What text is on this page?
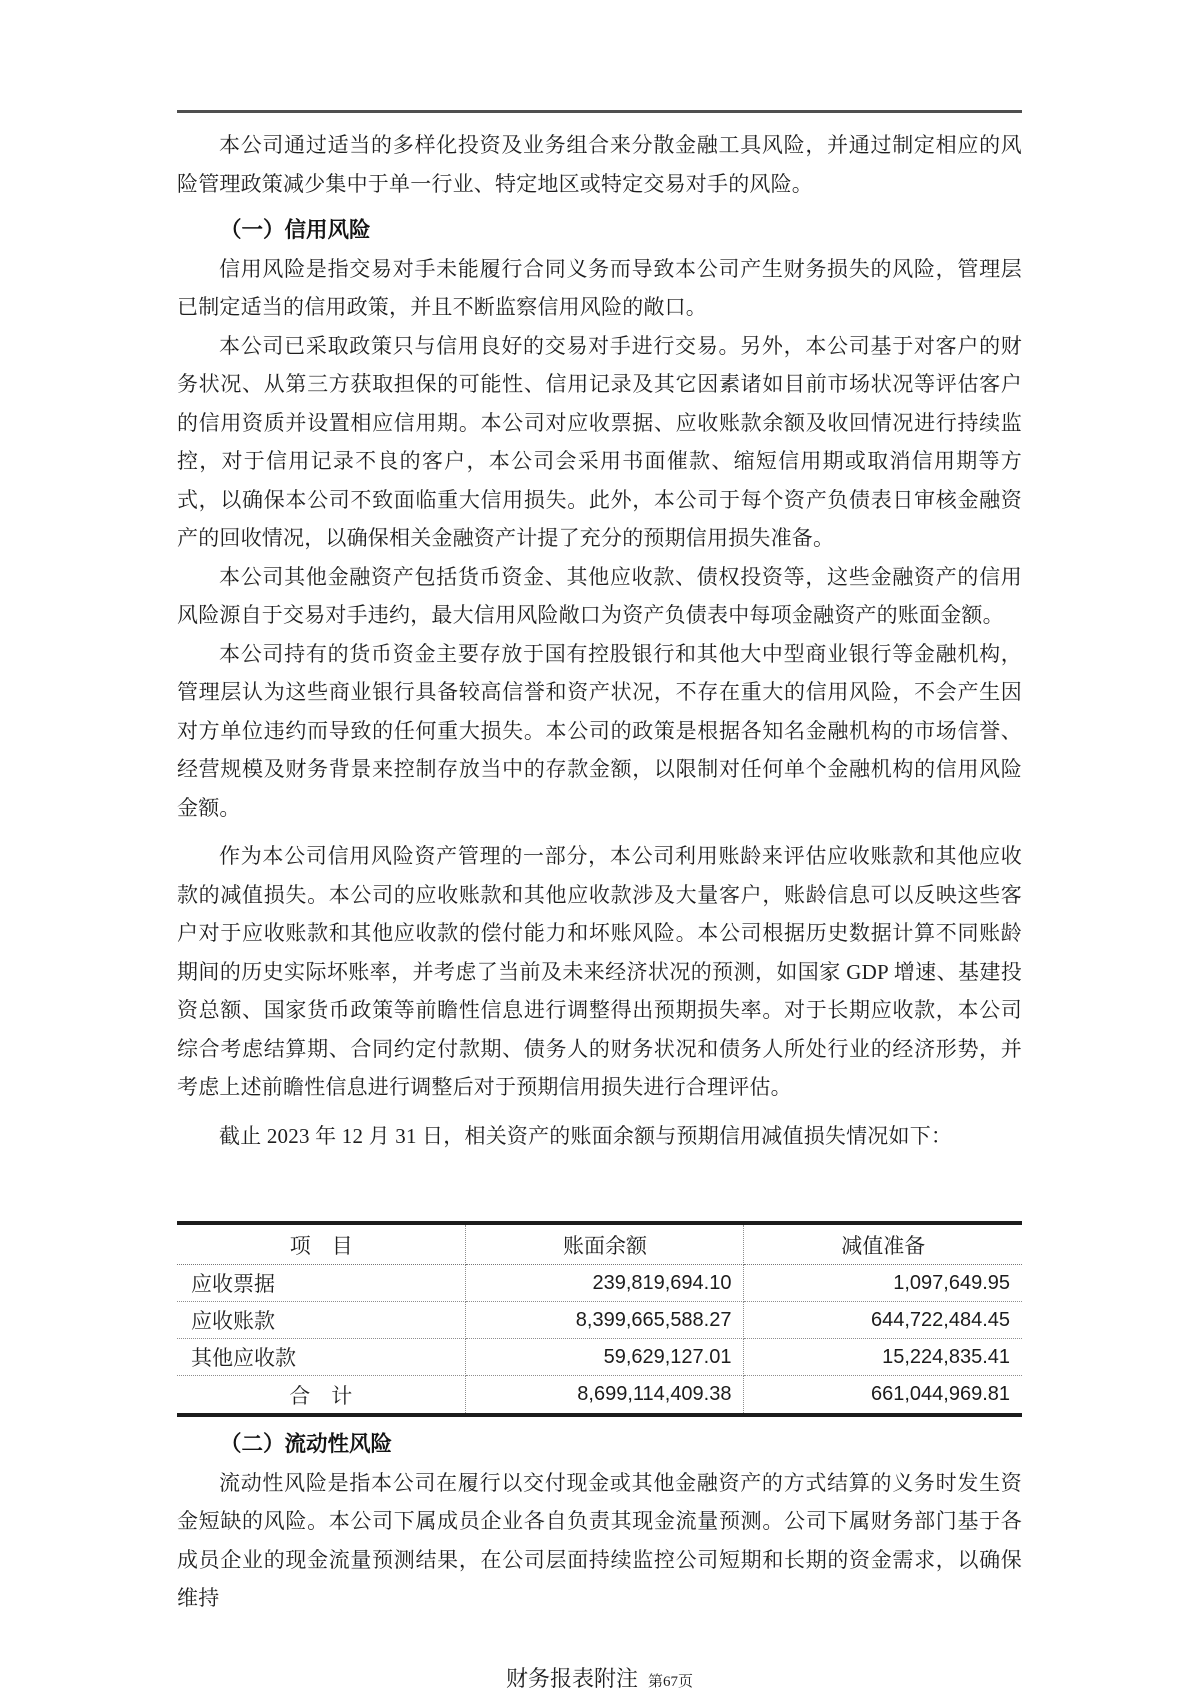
本公司通过适当的多样化投资及业务组合来分散金融工具风险，并通过制定相应的风险管理政策减少集中于单一行业、特定地区或特定交易对手的风险。

（一）信用风险

信用风险是指交易对手未能履行合同义务而导致本公司产生财务损失的风险，管理层已制定适当的信用政策，并且不断监察信用风险的敞口。

本公司已采取政策只与信用良好的交易对手进行交易。另外，本公司基于对客户的财务状况、从第三方获取担保的可能性、信用记录及其它因素诸如目前市场状况等评估客户的信用资质并设置相应信用期。本公司对应收票据、应收账款余额及收回情况进行持续监控，对于信用记录不良的客户，本公司会采用书面催款、缩短信用期或取消信用期等方式，以确保本公司不致面临重大信用损失。此外，本公司于每个资产负债表日审核金融资产的回收情况，以确保相关金融资产计提了充分的预期信用损失准备。

本公司其他金融资产包括货币资金、其他应收款、债权投资等，这些金融资产的信用风险源自于交易对手违约，最大信用风险敞口为资产负债表中每项金融资产的账面金额。

本公司持有的货币资金主要存放于国有控股银行和其他大中型商业银行等金融机构，管理层认为这些商业银行具备较高信誉和资产状况，不存在重大的信用风险，不会产生因对方单位违约而导致的任何重大损失。本公司的政策是根据各知名金融机构的市场信誉、经营规模及财务背景来控制存放当中的存款金额，以限制对任何单个金融机构的信用风险金额。

作为本公司信用风险资产管理的一部分，本公司利用账龄来评估应收账款和其他应收款的减值损失。本公司的应收账款和其他应收款涉及大量客户，账龄信息可以反映这些客户对于应收账款和其他应收款的偿付能力和坏账风险。本公司根据历史数据计算不同账龄期间的历史实际坏账率，并考虑了当前及未来经济状况的预测，如国家 GDP 增速、基建投资总额、国家货币政策等前瞻性信息进行调整得出预期损失率。对于长期应收款，本公司综合考虑结算期、合同约定付款期、债务人的财务状况和债务人所处行业的经济形势，并考虑上述前瞻性信息进行调整后对于预期信用损失进行合理评估。

截止 2023 年 12 月 31 日，相关资产的账面余额与预期信用减值损失情况如下：

项　目	账面余额	减值准备
应收票据	239,819,694.10	1,097,649.95
应收账款	8,399,665,588.27	644,722,484.45
其他应收款	59,629,127.01	15,224,835.41
合　计	8,699,114,409.38	661,044,969.81
（二）流动性风险

流动性风险是指本公司在履行以交付现金或其他金融资产的方式结算的义务时发生资金短缺的风险。本公司下属成员企业各自负责其现金流量预测。公司下属财务部门基于各成员企业的现金流量预测结果，在公司层面持续监控公司短期和长期的资金需求，以确保维持

财务报表附注 第67页
